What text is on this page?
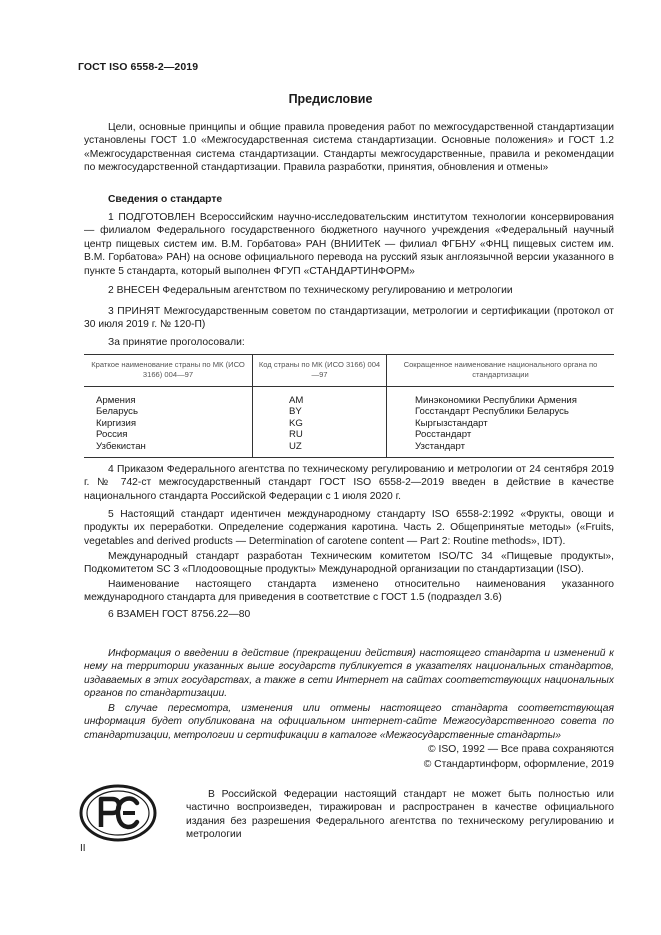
ГОСТ ISO 6558-2—2019
Предисловие

Цели, основные принципы и общие правила проведения работ по межгосударственной стандартизации установлены ГОСТ 1.0 «Межгосударственная система стандартизации. Основные положения» и ГОСТ 1.2 «Межгосударственная система стандартизации. Стандарты межгосударственные, правила и рекомендации по межгосударственной стандартизации. Правила разработки, принятия, обновления и отмены»

Сведения о стандарте

1 ПОДГОТОВЛЕН Всероссийским научно-исследовательским институтом технологии консервирования — филиалом Федерального государственного бюджетного научного учреждения «Федеральный научный центр пищевых систем им. В.М. Горбатова» РАН (ВНИИТеК — филиал ФГБНУ «ФНЦ пищевых систем им. В.М. Горбатова» РАН) на основе официального перевода на русский язык англоязычной версии указанного в пункте 5 стандарта, который выполнен ФГУП «СТАНДАРТИНФОРМ»

2 ВНЕСЕН Федеральным агентством по техническому регулированию и метрологии

3 ПРИНЯТ Межгосударственным советом по стандартизации, метрологии и сертификации (протокол от 30 июля 2019 г. № 120-П)

За принятие проголосовали:

Краткое наименование страны по МК (ИСО 3166) 004—97	Код страны по МК (ИСО 3166) 004—97	Сокращенное наименование национального органа по стандартизации
Армения	AM	Минэкономики Республики Армения
Беларусь	BY	Госстандарт Республики Беларусь
Киргизия	KG	Кыргызстандарт
Россия	RU	Росстандарт
Узбекистан	UZ	Узстандарт

4 Приказом Федерального агентства по техническому регулированию и метрологии от 24 сентября 2019 г. № 742-ст межгосударственный стандарт ГОСТ ISO 6558-2—2019 введен в действие в качестве национального стандарта Российской Федерации с 1 июля 2020 г.

5 Настоящий стандарт идентичен международному стандарту ISO 6558-2:1992 «Фрукты, овощи и продукты их переработки. Определение содержания каротина. Часть 2. Общепринятые методы» («Fruits, vegetables and derived products — Determination of carotene content — Part 2: Routine methods», IDT).

Международный стандарт разработан Техническим комитетом ISO/TC 34 «Пищевые продукты», Подкомитетом SC 3 «Плодоовощные продукты» Международной организации по стандартизации (ISO).

Наименование настоящего стандарта изменено относительно наименования указанного международного стандарта для приведения в соответствие с ГОСТ 1.5 (подраздел 3.6)

6 ВЗАМЕН ГОСТ 8756.22—80

Информация о введении в действие (прекращении действия) настоящего стандарта и изменений к нему на территории указанных выше государств публикуется в указателях национальных стандартов, издаваемых в этих государствах, а также в сети Интернет на сайтах соответствующих национальных органов по стандартизации.

В случае пересмотра, изменения или отмены настоящего стандарта соответствующая информация будет опубликована на официальном интернет-сайте Межгосударственного совета по стандартизации, метрологии и сертификации в каталоге «Межгосударственные стандарты»

© ISO, 1992 — Все права сохраняются
© Стандартинформ, оформление, 2019

В Российской Федерации настоящий стандарт не может быть полностью или частично воспроизведен, тиражирован и распространен в качестве официального издания без разрешения Федерального агентства по техническому регулированию и метрологии

II
